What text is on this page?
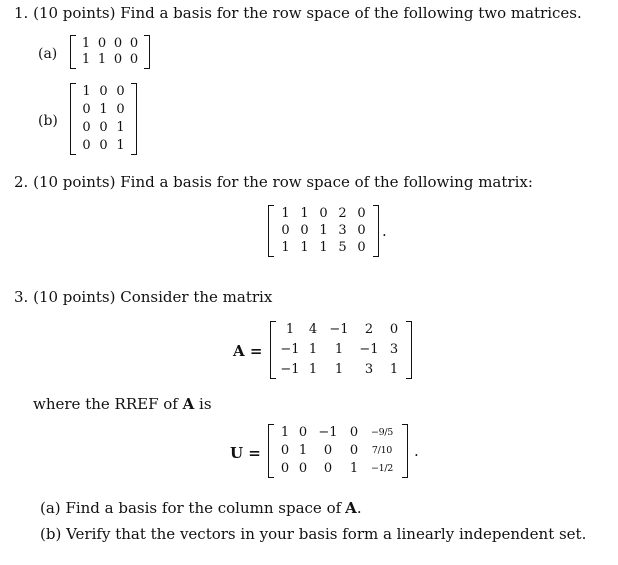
1. (10 points) Find a basis for the row space of the following two matrices.
(a)
1 0 0 0
1 1 0 0
(b)
1 0 0
0 1 0
0 0 1
0 0 1
2. (10 points) Find a basis for the row space of the following matrix:
1 1 0 2 0
0 0 1 3 0
1 1 1 5 0
.
3. (10 points) Consider the matrix
A =
1	4 −1	2	0
−1 1	1	−1 3
−1 1	1	3	1
where the RREF of A is
U =
1 0 −1 0	−9/5
0 1	0	0	7/10
0 0	0	1	−1/2
.
(a) Find a basis for the column space of A.
(b) Verify that the vectors in your basis form a linearly independent set.
